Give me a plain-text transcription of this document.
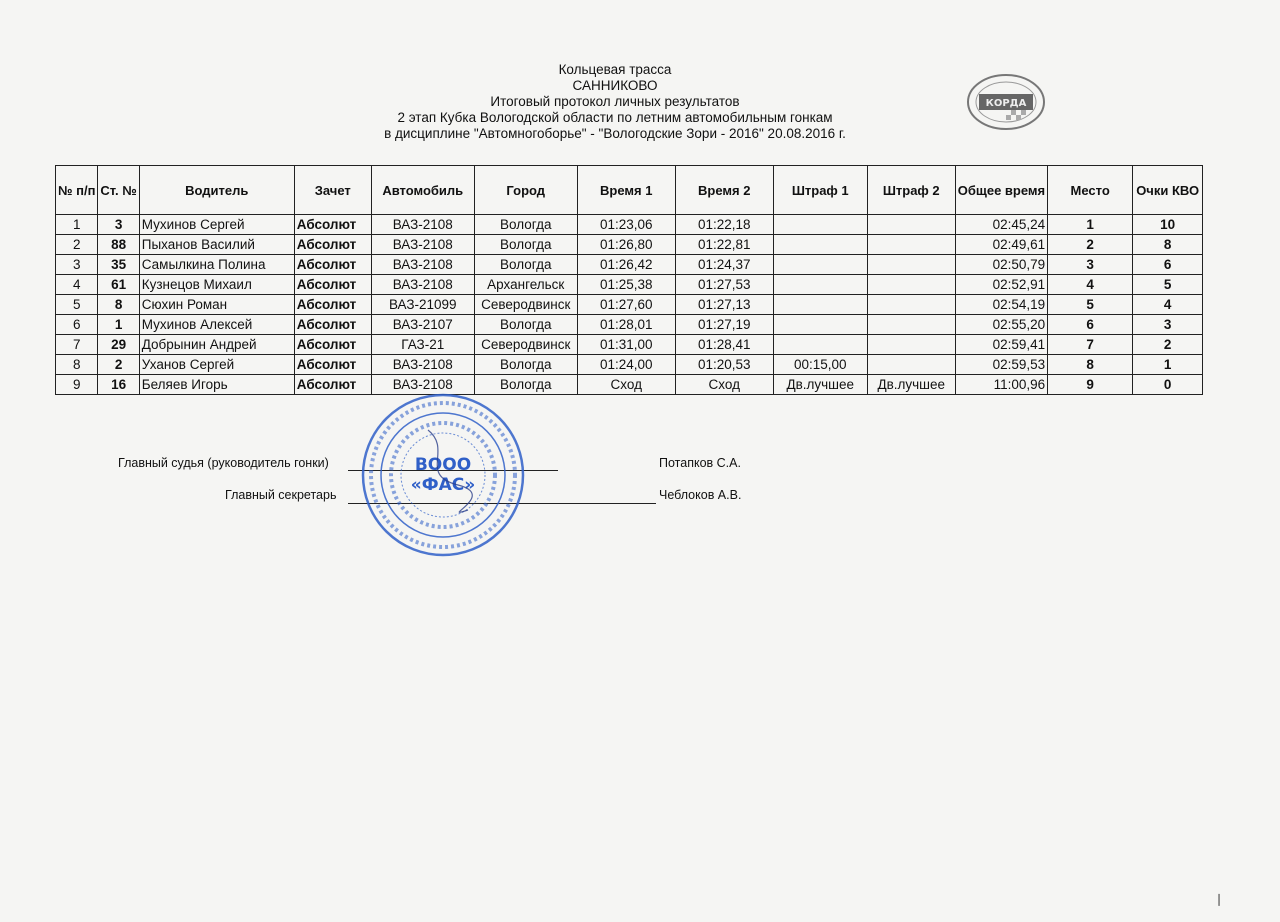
Кольцевая трасса
САННИКОВО
Итоговый протокол личных результатов
2 этап Кубка Вологодской области по летним автомобильным гонкам
в дисциплине "Автомногоборье" - "Вологодские Зори - 2016" 20.08.2016 г.
КОРДА
№ п/п	Ст. №	Водитель	Зачет	Автомобиль	Город	Время 1	Время 2	Штраф 1	Штраф 2	Общее время	Место	Очки КВО
1	3	Мухинов Сергей	Абсолют	ВАЗ-2108	Вологда	01:23,06	01:22,18			02:45,24	1	10
2	88	Пыханов Василий	Абсолют	ВАЗ-2108	Вологда	01:26,80	01:22,81			02:49,61	2	8
3	35	Самылкина Полина	Абсолют	ВАЗ-2108	Вологда	01:26,42	01:24,37			02:50,79	3	6
4	61	Кузнецов Михаил	Абсолют	ВАЗ-2108	Архангельск	01:25,38	01:27,53			02:52,91	4	5
5	8	Сюхин Роман	Абсолют	ВАЗ-21099	Северодвинск	01:27,60	01:27,13			02:54,19	5	4
6	1	Мухинов Алексей	Абсолют	ВАЗ-2107	Вологда	01:28,01	01:27,19			02:55,20	6	3
7	29	Добрынин Андрей	Абсолют	ГАЗ-21	Северодвинск	01:31,00	01:28,41			02:59,41	7	2
8	2	Уханов Сергей	Абсолют	ВАЗ-2108	Вологда	01:24,00	01:20,53	00:15,00		02:59,53	8	1
9	16	Беляев Игорь	Абсолют	ВАЗ-2108	Вологда	Сход	Сход	Дв.лучшее	Дв.лучшее	11:00,96	9	0
Главный судья (руководитель гонки)	Потапков С.А.
Главный секретарь	Чеблоков А.В.
ВООО
«ФАС»
❘
